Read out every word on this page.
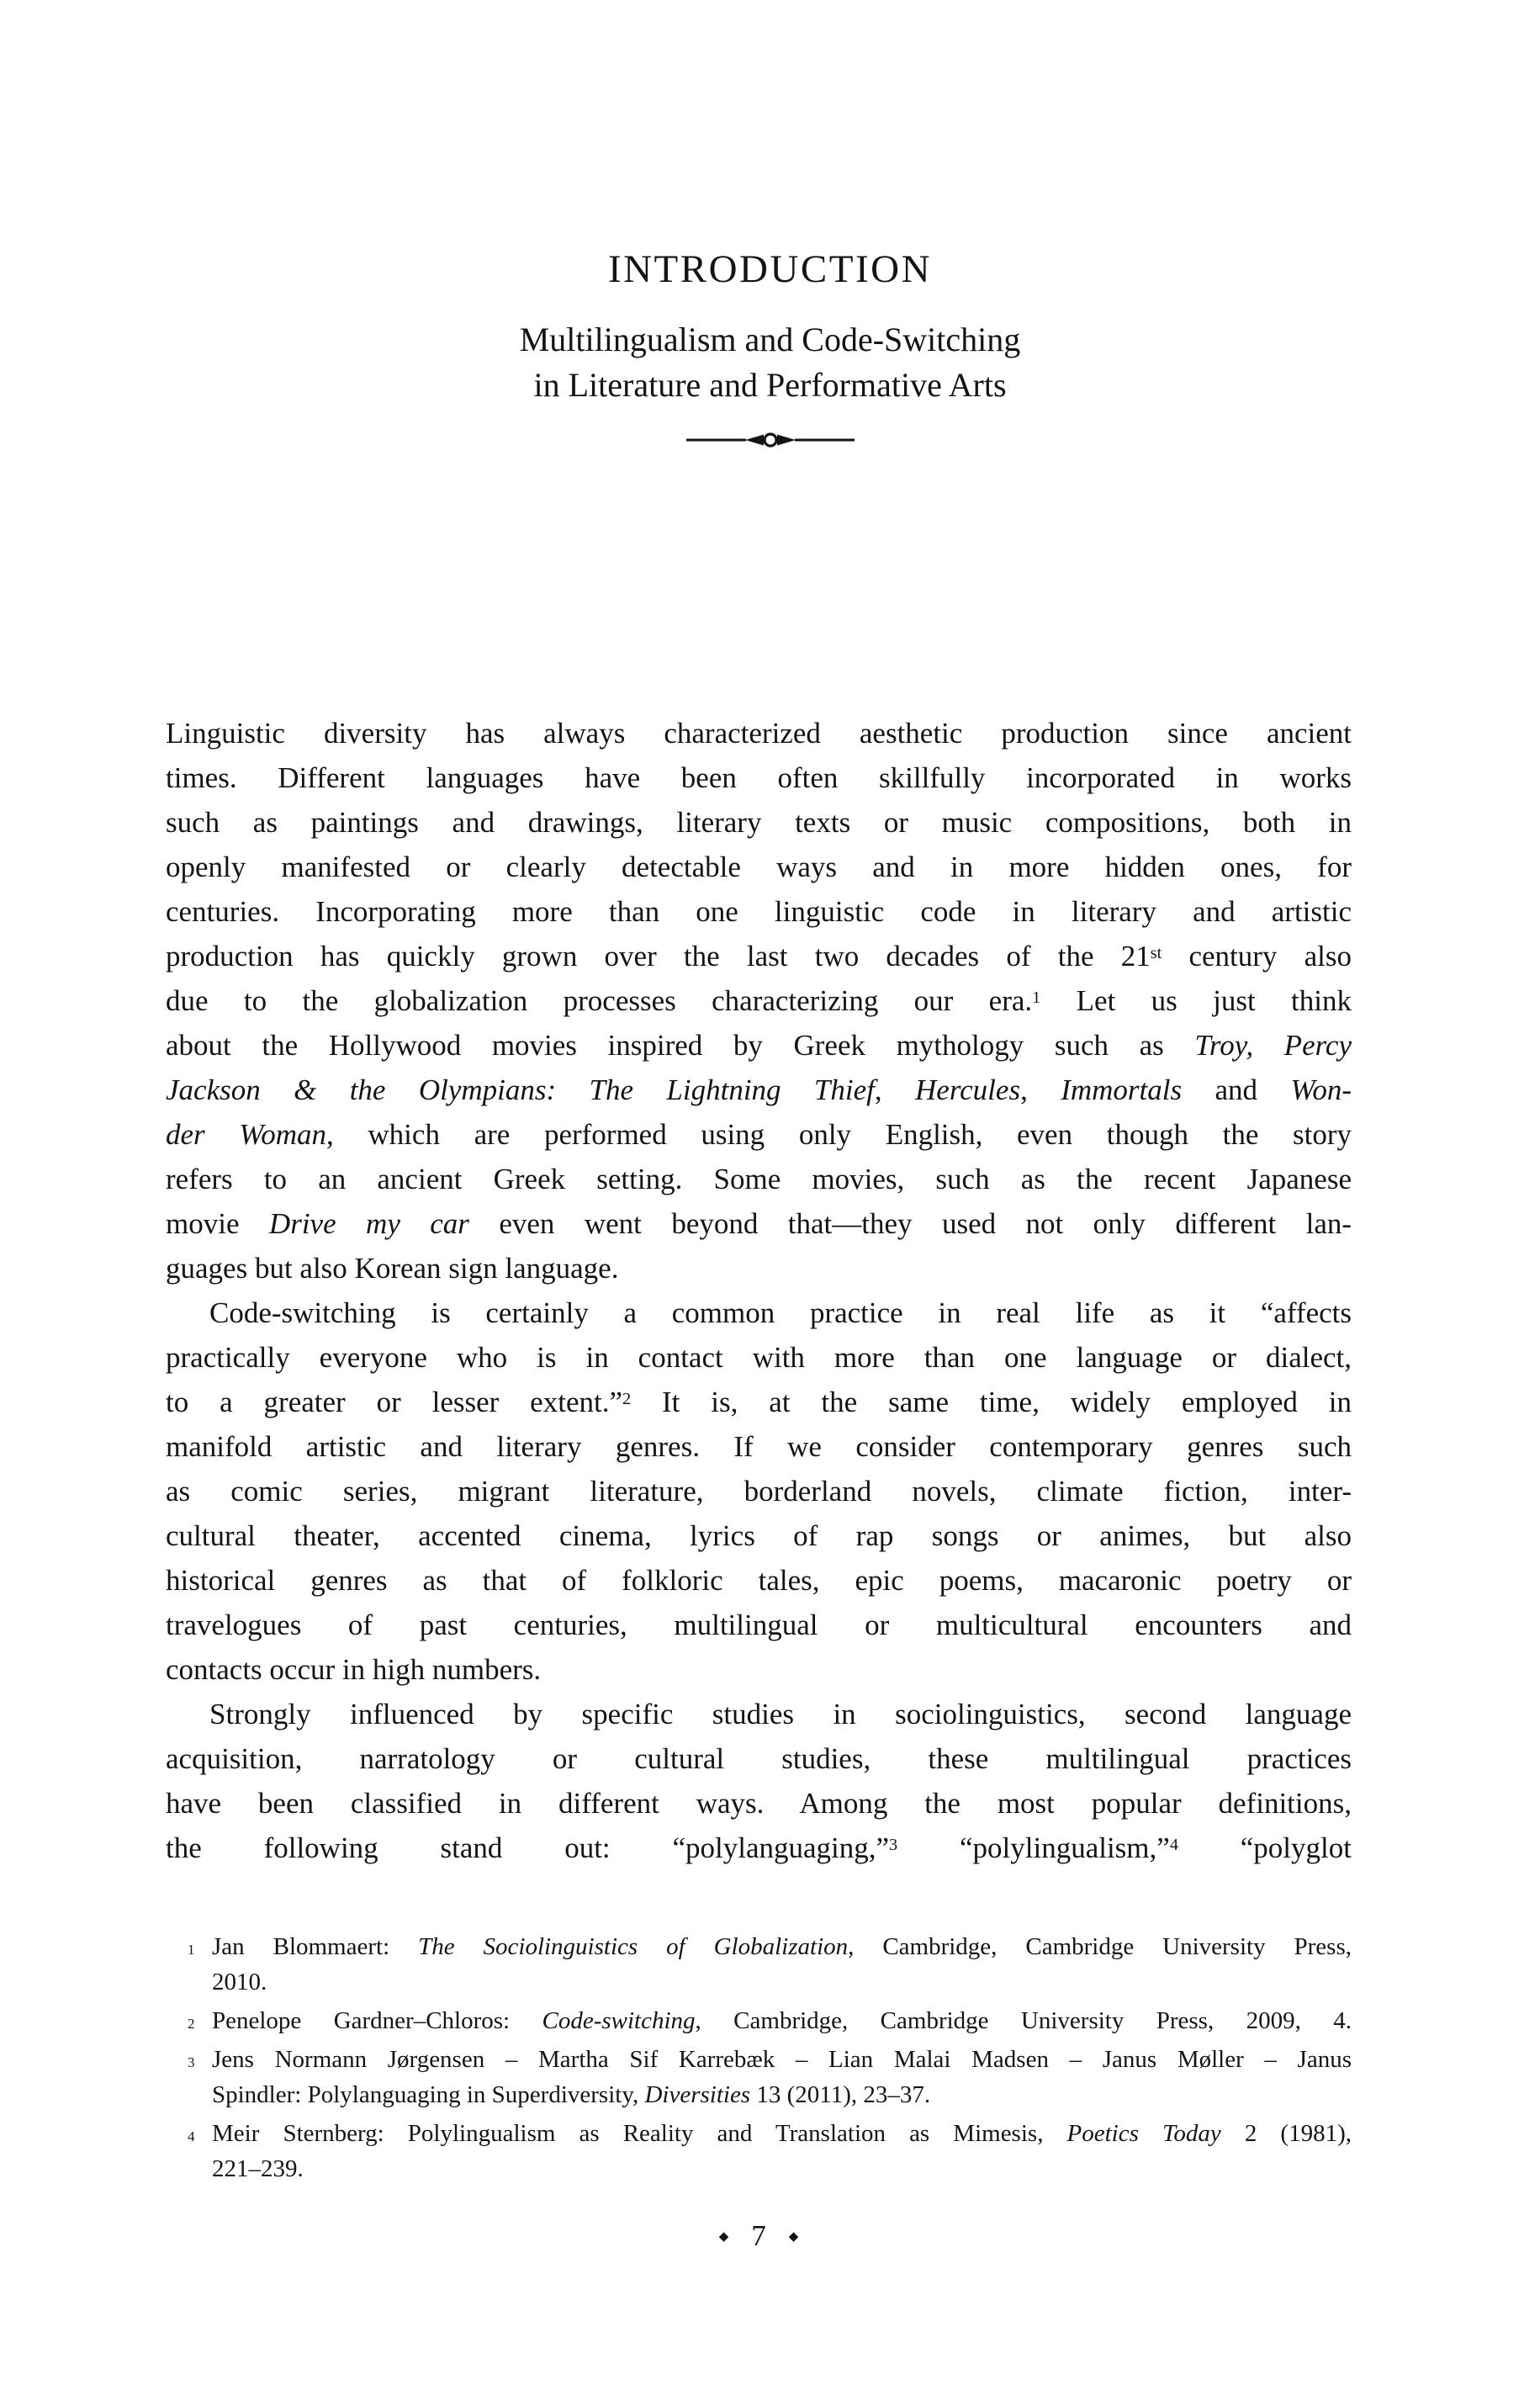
INTRODUCTION

Multilingualism and Code-Switching

in Literature and Performative Arts

Linguistic diversity has always characterized aesthetic production since ancient
times. Different languages have been often skillfully incorporated in works
such as paintings and drawings, literary texts or music compositions, both in
openly manifested or clearly detectable ways and in more hidden ones, for
centuries. Incorporating more than one linguistic code in literary and artistic
production has quickly grown over the last two decades of the 21st century also
due to the globalization processes characterizing our era.$^1$ Let us just think
about the Hollywood movies inspired by Greek mythology such as Troy, Percy
Jackson & the Olympians: The Lightning Thief, Hercules, Immortals and Won-
der Woman, which are performed using only English, even though the story
refers to an ancient Greek setting. Some movies, such as the recent Japanese
movie Drive my car even went beyond that—they used not only different lan-
guages but also Korean sign language.
Code-switching is certainly a common practice in real life as it “affects
practically everyone who is in contact with more than one language or dialect,
to a greater or lesser extent.”$^2$ It is, at the same time, widely employed in
manifold artistic and literary genres. If we consider contemporary genres such
as comic series, migrant literature, borderland novels, climate fiction, inter-
cultural theater, accented cinema, lyrics of rap songs or animes, but also
historical genres as that of folkloric tales, epic poems, macaronic poetry or
travelogues of past centuries, multilingual or multicultural encounters and
contacts occur in high numbers.
Strongly influenced by specific studies in sociolinguistics, second language
acquisition, narratology or cultural studies, these multilingual practices
have been classified in different ways. Among the most popular definitions,
the following stand out: “polylanguaging,”$^3$ “polylingualism,”$^4$ “polyglot
1 Jan Blommaert: The Sociolinguistics of Globalization, Cambridge, Cambridge University Press,
2010.
2 Penelope Gardner–Chloros: Code-switching, Cambridge, Cambridge University Press, 2009, 4.
3 Jens Normann Jørgensen – Martha Sif Karrebæk – Lian Malai Madsen – Janus Møller – Janus
Spindler: Polylanguaging in Superdiversity, Diversities 13 (2011), 23–37.
4 Meir Sternberg: Polylingualism as Reality and Translation as Mimesis, Poetics Today 2 (1981),
221–239.
◆ 7 ◆
